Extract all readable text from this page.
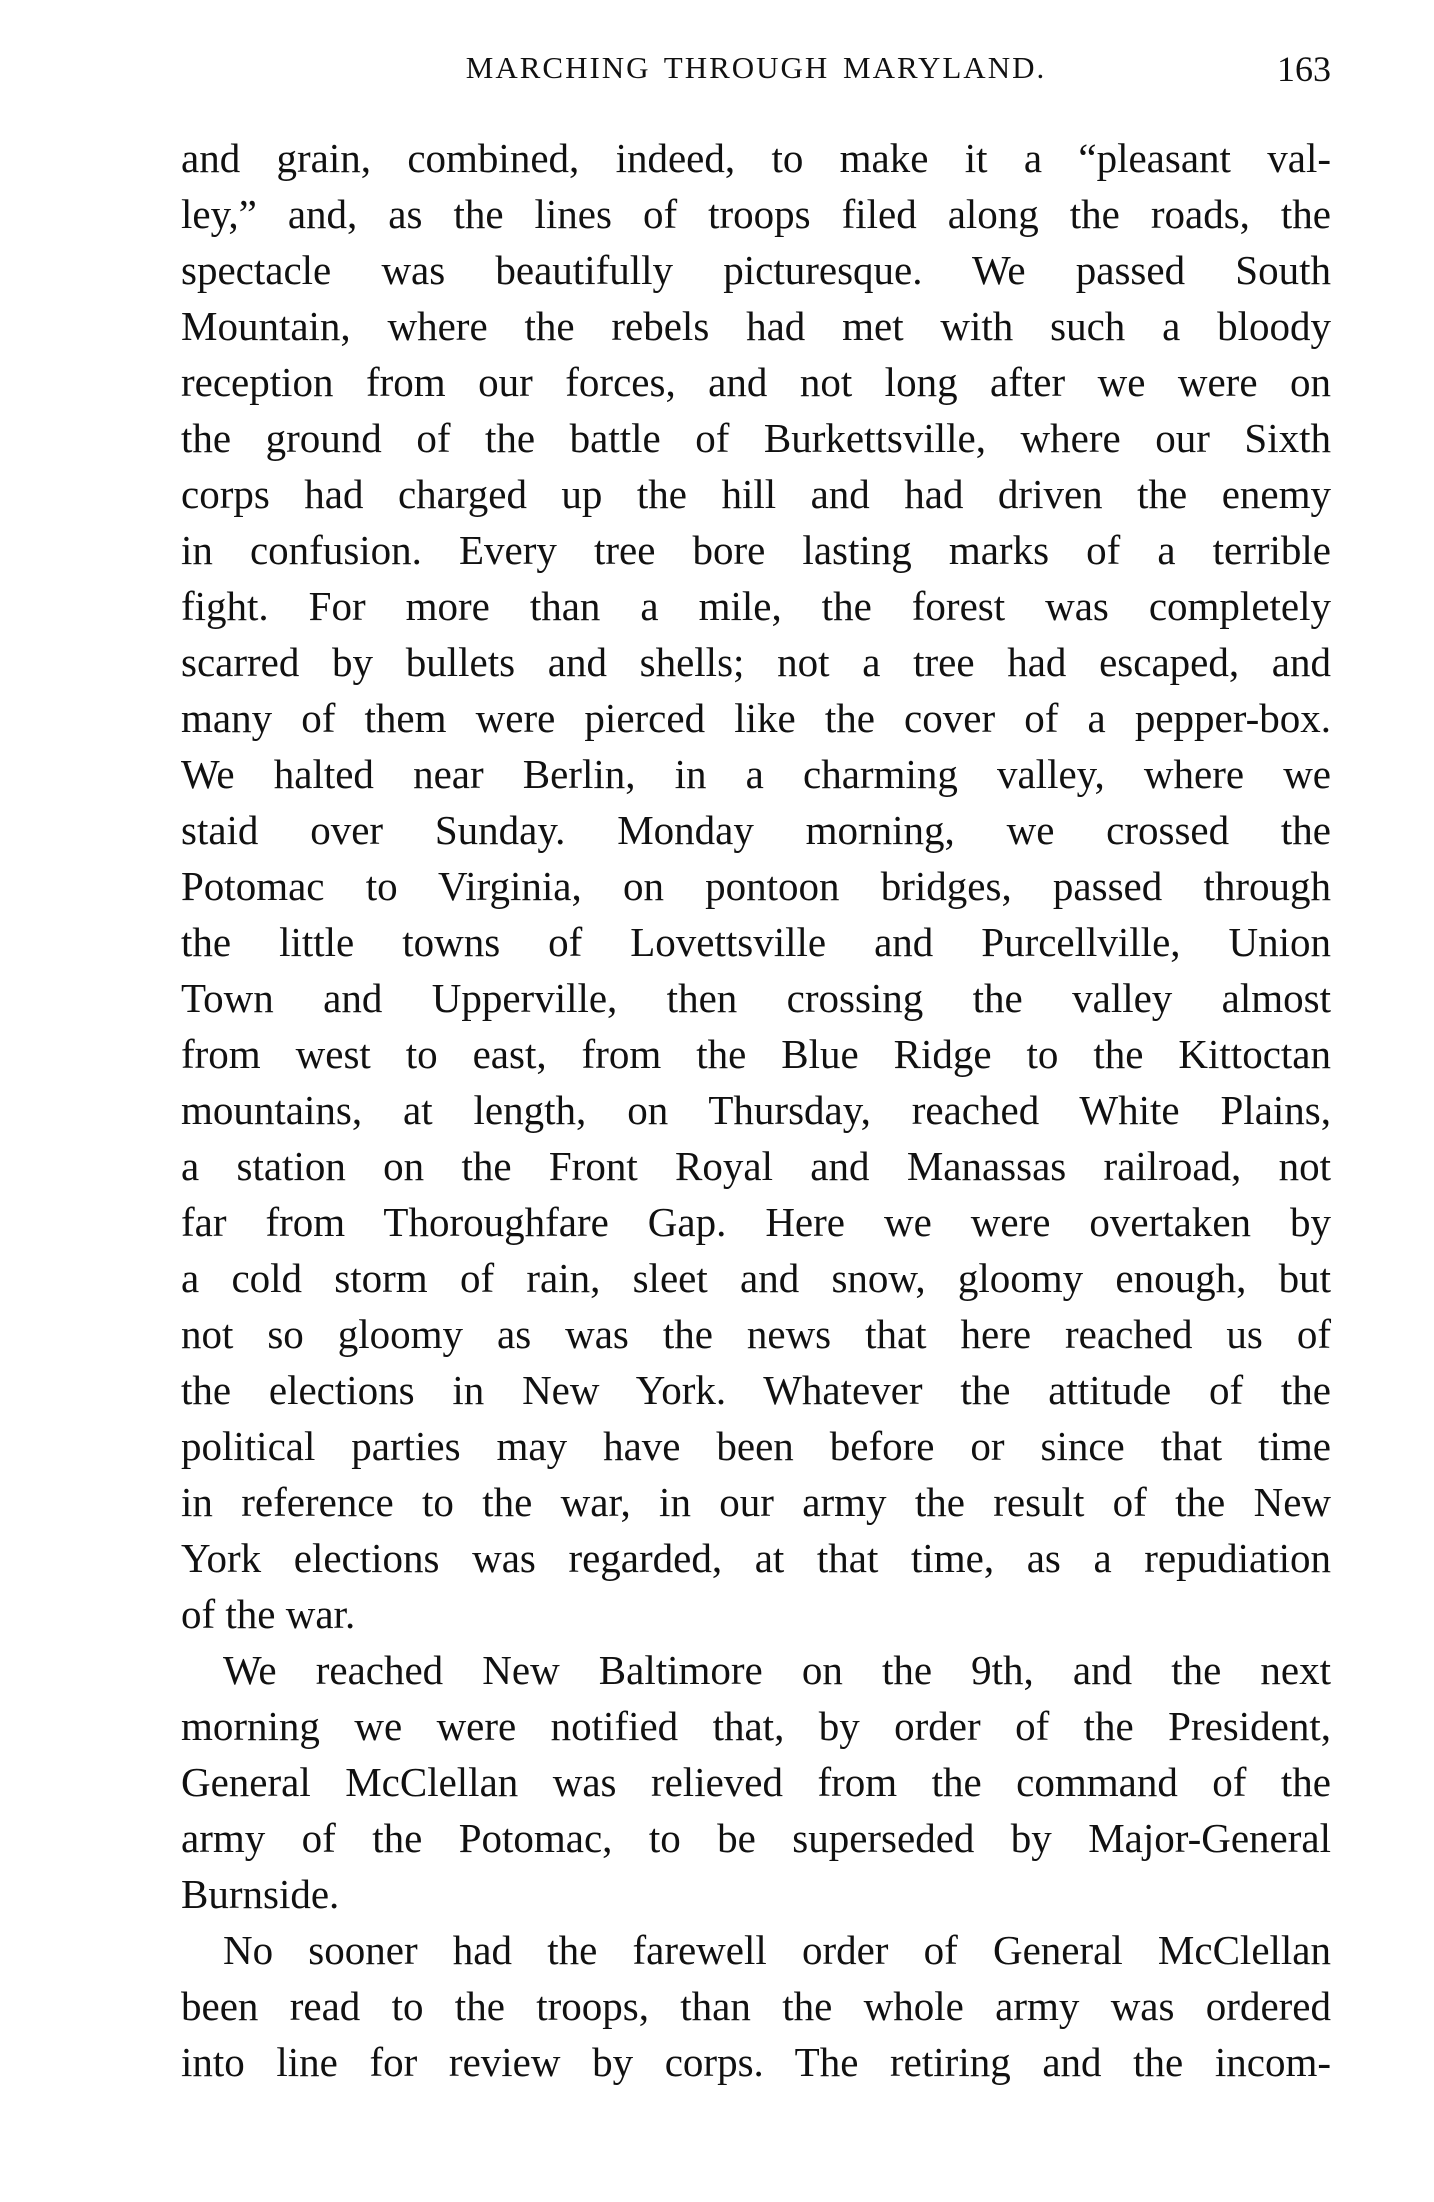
MARCHING THROUGH MARYLAND.	163

and grain, combined, indeed, to make it a “pleasant val-
ley,” and, as the lines of troops filed along the roads, the
spectacle was beautifully picturesque. We passed South
Mountain, where the rebels had met with such a bloody
reception from our forces, and not long after we were on
the ground of the battle of Burkettsville, where our Sixth
corps had charged up the hill and had driven the enemy
in confusion. Every tree bore lasting marks of a terrible
fight. For more than a mile, the forest was completely
scarred by bullets and shells; not a tree had escaped, and
many of them were pierced like the cover of a pepper-box.
We halted near Berlin, in a charming valley, where we
staid over Sunday. Monday morning, we crossed the
Potomac to Virginia, on pontoon bridges, passed through
the little towns of Lovettsville and Purcellville, Union
Town and Upperville, then crossing the valley almost
from west to east, from the Blue Ridge to the Kittoctan
mountains, at length, on Thursday, reached White Plains,
a station on the Front Royal and Manassas railroad, not
far from Thoroughfare Gap. Here we were overtaken by
a cold storm of rain, sleet and snow, gloomy enough, but
not so gloomy as was the news that here reached us of
the elections in New York. Whatever the attitude of the
political parties may have been before or since that time
in reference to the war, in our army the result of the New
York elections was regarded, at that time, as a repudiation
of the war.

We reached New Baltimore on the 9th, and the next
morning we were notified that, by order of the President,
General McClellan was relieved from the command of the
army of the Potomac, to be superseded by Major-General
Burnside.

No sooner had the farewell order of General McClellan
been read to the troops, than the whole army was ordered
into line for review by corps. The retiring and the incom-
